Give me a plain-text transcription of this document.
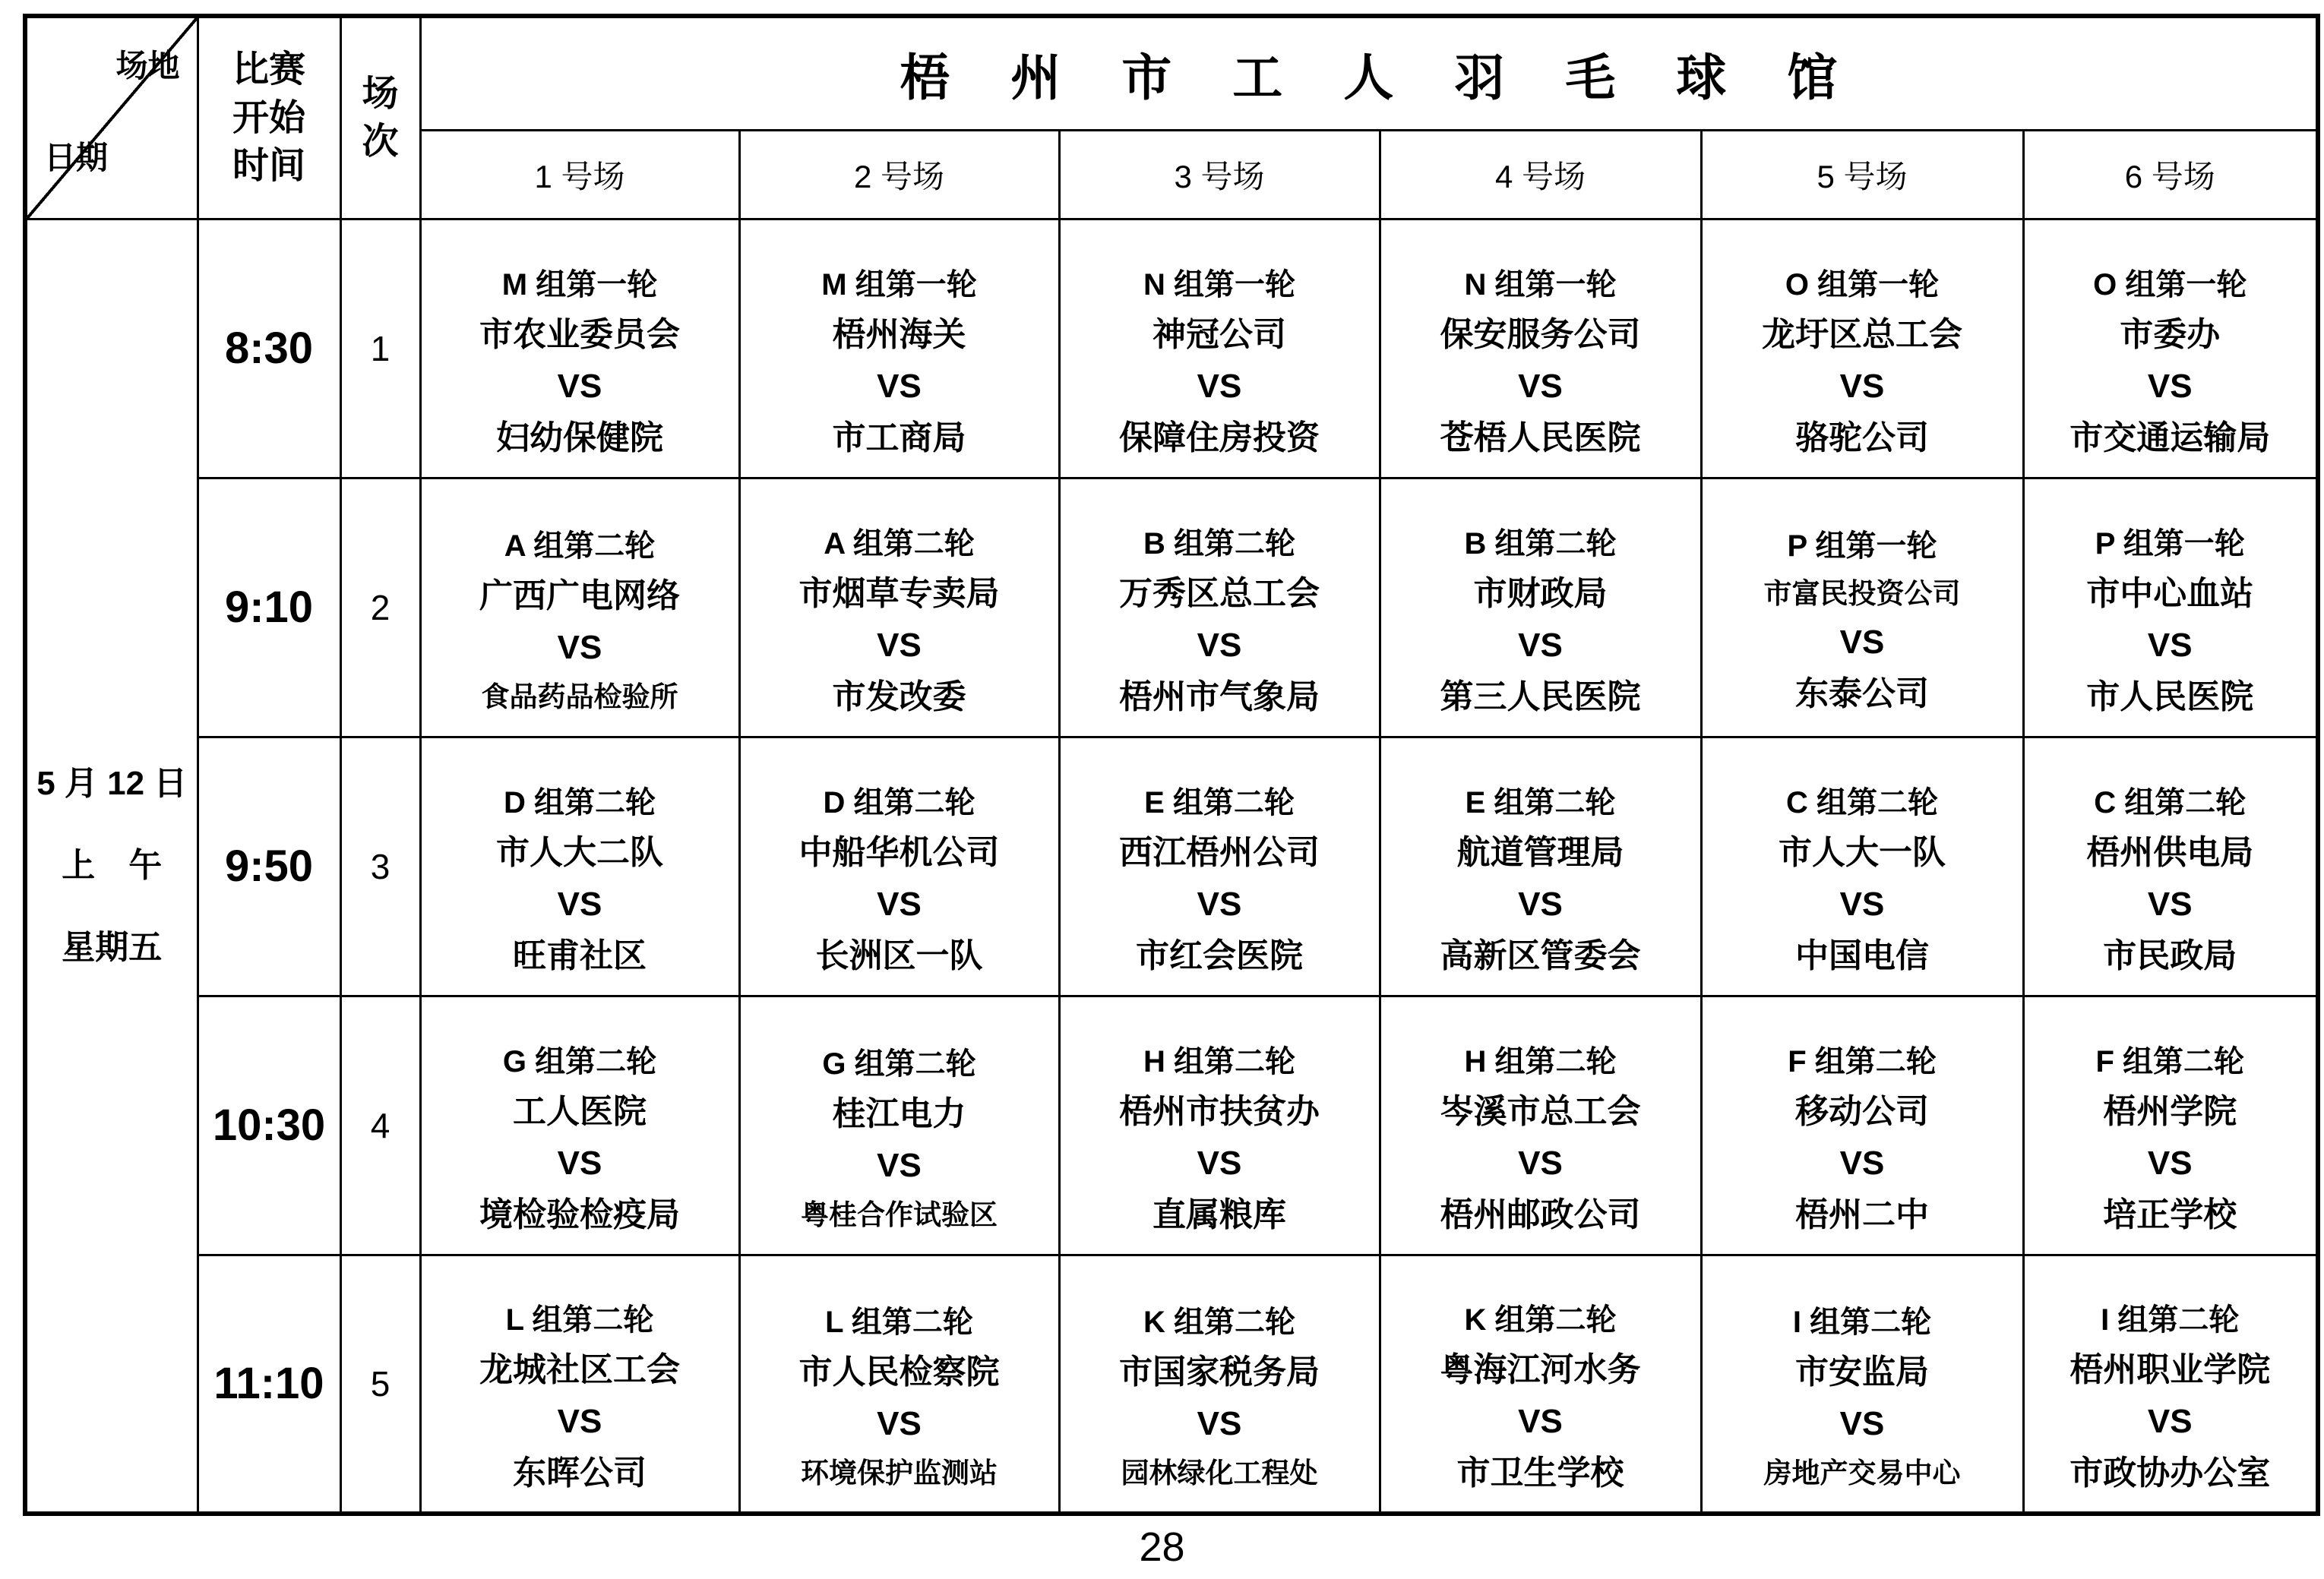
场地
日期

比赛
开始
时间

场
次
	梧州市工人羽毛球馆
			1 号场	2 号场	3 号场	4 号场	5 号场	6 号场

5 月 12 日
上　午
星期五
	8:30	1	
M 组第一轮
市农业委员会
VS
妇幼保健院

M 组第一轮
梧州海关
VS
市工商局

N 组第一轮
神冠公司
VS
保障住房投资

N 组第一轮
保安服务公司
VS
苍梧人民医院

O 组第一轮
龙圩区总工会
VS
骆驼公司

O 组第一轮
市委办
VS
市交通运输局

9:10	2	
A 组第二轮
广西广电网络
VS
食品药品检验所

A 组第二轮
市烟草专卖局
VS
市发改委

B 组第二轮
万秀区总工会
VS
梧州市气象局

B 组第二轮
市财政局
VS
第三人民医院

P 组第一轮
市富民投资公司
VS
东泰公司

P 组第一轮
市中心血站
VS
市人民医院

9:50	3	
D 组第二轮
市人大二队
VS
旺甫社区

D 组第二轮
中船华机公司
VS
长洲区一队

E 组第二轮
西江梧州公司
VS
市红会医院

E 组第二轮
航道管理局
VS
高新区管委会

C 组第二轮
市人大一队
VS
中国电信

C 组第二轮
梧州供电局
VS
市民政局

10:30	4	
G 组第二轮
工人医院
VS
境检验检疫局

G 组第二轮
桂江电力
VS
粤桂合作试验区

H 组第二轮
梧州市扶贫办
VS
直属粮库

H 组第二轮
岑溪市总工会
VS
梧州邮政公司

F 组第二轮
移动公司
VS
梧州二中

F 组第二轮
梧州学院
VS
培正学校

11:10	5	
L 组第二轮
龙城社区工会
VS
东晖公司

L 组第二轮
市人民检察院
VS
环境保护监测站

K 组第二轮
市国家税务局
VS
园林绿化工程处

K 组第二轮
粤海江河水务
VS
市卫生学校

I 组第二轮
市安监局
VS
房地产交易中心

I 组第二轮
梧州职业学院
VS
市政协办公室
28
